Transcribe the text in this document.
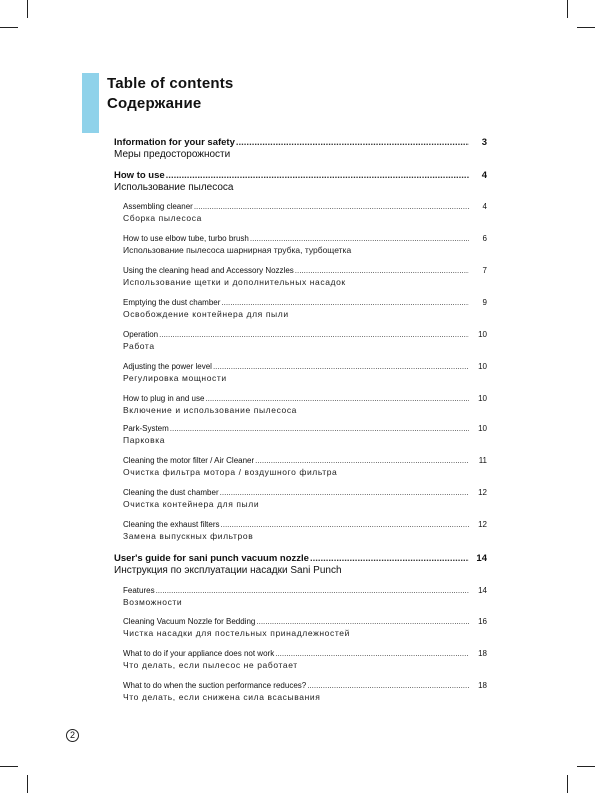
Table of contents
Содержание
Information for your safety .....	3
Меры предосторожности
How to use .....	4
Использование пылесоса
Assembling cleaner .....	4
Сборка пылесоса
How to use elbow tube, turbo brush .....	6
Использование пылесоса шарнирная трубка, турбощетка
Using the cleaning head and Accessory Nozzles .....	7
Использование щетки и дополнительных насадок
Emptying the dust chamber .....	9
Освобождение контейнера для пыли
Operation .....	10
Работа
Adjusting the power level .....	10
Регулировка мощности
How to plug in and use .....	10
Включение и использование пылесоса
Park-System .....	10
Парковка
Cleaning the motor filter / Air Cleaner .....	11
Очистка фильтра мотора / воздушного фильтра
Cleaning the dust chamber .....	12
Очистка контейнера для пыли
Cleaning the exhaust filters .....	12
Замена выпускных фильтров
User's guide for sani punch vacuum nozzle .....	14
Инструкция по эксплуатации насадки Sani Punch
Features .....	14
Возможности
Cleaning Vacuum Nozzle for Bedding .....	16
Чистка насадки для постельных принадлежностей
What to do if your appliance does not work .....	18
Что делать, если пылесос не работает
What to do when the suction performance reduces? .....	18
Что делать, если снижена сила всасывания
2
